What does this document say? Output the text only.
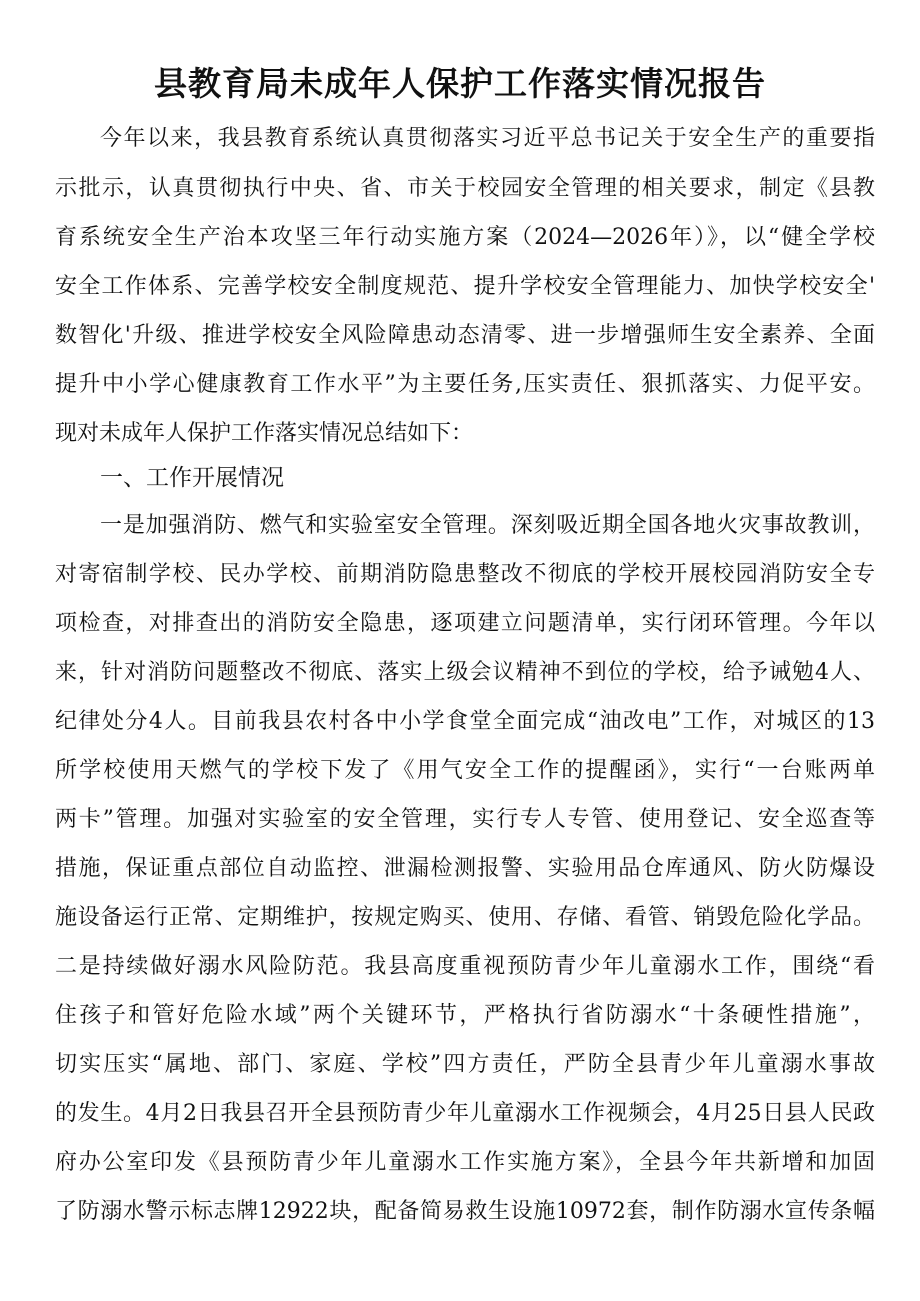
县教育局未成年人保护工作落实情况报告
今年以来，我县教育系统认真贯彻落实习近平总书记关于安全生产的重要指
示批示，认真贯彻执行中央、省、市关于校园安全管理的相关要求，制定《县教
育系统安全生产治本攻坚三年行动实施方案（2024—2026年）》，以“健全学校
安全工作体系、完善学校安全制度规范、提升学校安全管理能力、加快学校安全'
数智化'升级、推进学校安全风险障患动态清零、进一步增强师生安全素养、全面
提升中小学心健康教育工作水平”为主要任务,压实责任、狠抓落实、力促平安。
现对未成年人保护工作落实情况总结如下：
一、工作开展情况
一是加强消防、燃气和实验室安全管理。深刻吸近期全国各地火灾事故教训，
对寄宿制学校、民办学校、前期消防隐患整改不彻底的学校开展校园消防安全专
项检查，对排查出的消防安全隐患，逐项建立问题清单，实行闭环管理。今年以
来，针对消防问题整改不彻底、落实上级会议精神不到位的学校，给予诫勉4人、
纪律处分4人。目前我县农村各中小学食堂全面完成“油改电”工作，对城区的13
所学校使用天燃气的学校下发了《用气安全工作的提醒函》，实行“一台账两单
两卡”管理。加强对实验室的安全管理，实行专人专管、使用登记、安全巡查等
措施，保证重点部位自动监控、泄漏检测报警、实验用品仓库通风、防火防爆设
施设备运行正常、定期维护，按规定购买、使用、存储、看管、销毁危险化学品。
二是持续做好溺水风险防范。我县高度重视预防青少年儿童溺水工作，围绕“看
住孩子和管好危险水域”两个关键环节，严格执行省防溺水“十条硬性措施”，
切实压实“属地、部门、家庭、学校”四方责任，严防全县青少年儿童溺水事故
的发生。4月2日我县召开全县预防青少年儿童溺水工作视频会，4月25日县人民政
府办公室印发《县预防青少年儿童溺水工作实施方案》，全县今年共新增和加固
了防溺水警示标志牌12922块，配备简易救生设施10972套，制作防溺水宣传条幅
